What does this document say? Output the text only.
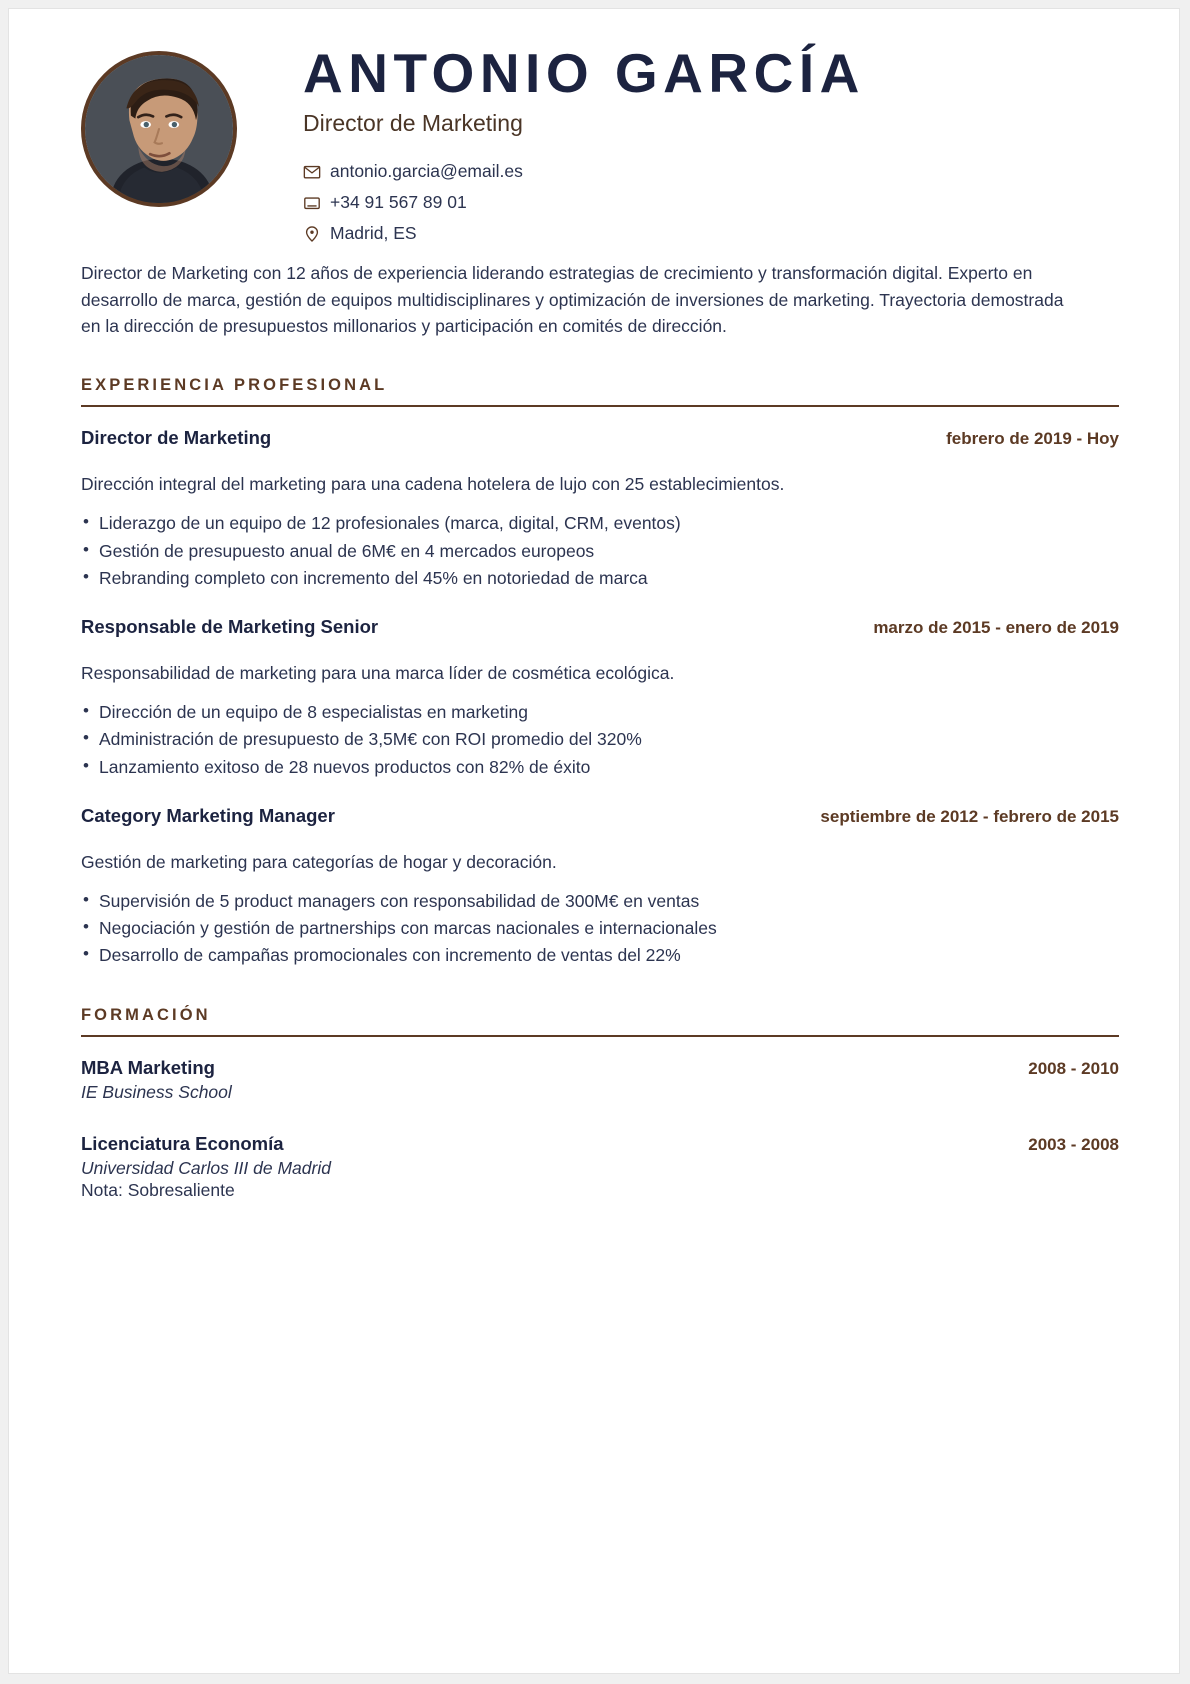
ANTONIO GARCÍA
Director de Marketing
antonio.garcia@email.es
+34 91 567 89 01
Madrid, ES

Director de Marketing con 12 años de experiencia liderando estrategias de crecimiento y transformación digital. Experto en desarrollo de marca, gestión de equipos multidisciplinares y optimización de inversiones de marketing. Trayectoria demostrada en la dirección de presupuestos millonarios y participación en comités de dirección.

EXPERIENCIA PROFESIONAL
Director de Marketing	febrero de 2019 - Hoy
Dirección integral del marketing para una cadena hotelera de lujo con 25 establecimientos.
• Liderazgo de un equipo de 12 profesionales (marca, digital, CRM, eventos)
• Gestión de presupuesto anual de 6M€ en 4 mercados europeos
• Rebranding completo con incremento del 45% en notoriedad de marca
Responsable de Marketing Senior	marzo de 2015 - enero de 2019
Responsabilidad de marketing para una marca líder de cosmética ecológica.
• Dirección de un equipo de 8 especialistas en marketing
• Administración de presupuesto de 3,5M€ con ROI promedio del 320%
• Lanzamiento exitoso de 28 nuevos productos con 82% de éxito
Category Marketing Manager	septiembre de 2012 - febrero de 2015
Gestión de marketing para categorías de hogar y decoración.
• Supervisión de 5 product managers con responsabilidad de 300M€ en ventas
• Negociación y gestión de partnerships con marcas nacionales e internacionales
• Desarrollo de campañas promocionales con incremento de ventas del 22%
FORMACIÓN
MBA Marketing	2008 - 2010
IE Business School
Licenciatura Economía	2003 - 2008
Universidad Carlos III de Madrid
Nota: Sobresaliente
